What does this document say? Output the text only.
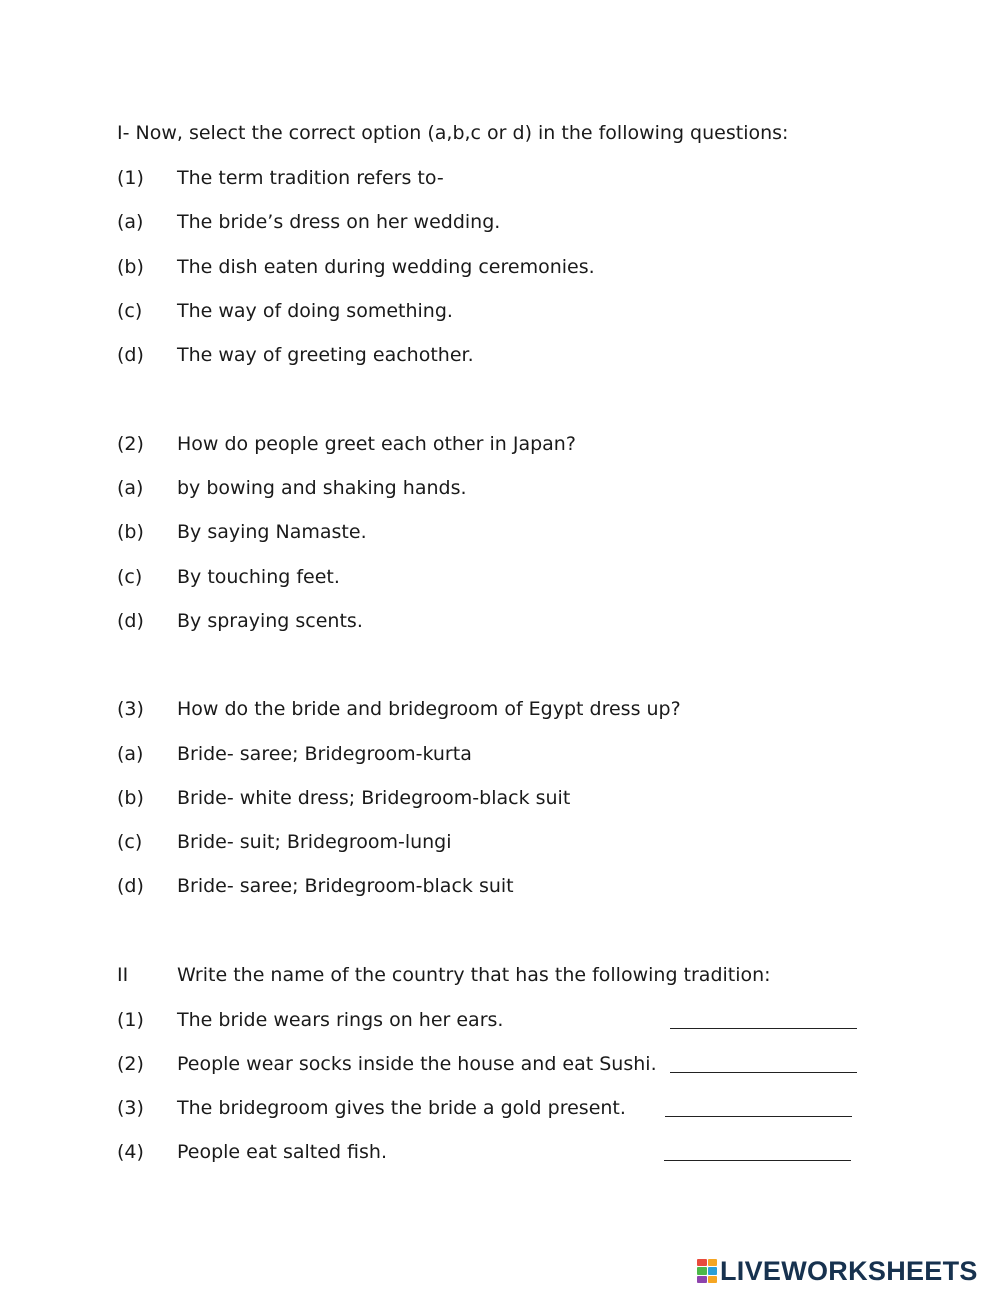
I- Now, select the correct option (a,b,c or d) in the following questions:
(1) The term tradition refers to-
(a) The bride’s dress on her wedding.
(b) The dish eaten during wedding ceremonies.
(c) The way of doing something.
(d) The way of greeting eachother.
(2) How do people greet each other in Japan?
(a) by bowing and shaking hands.
(b) By saying Namaste.
(c) By touching feet.
(d) By spraying scents.
(3) How do the bride and bridegroom of Egypt dress up?
(a) Bride- saree; Bridegroom-kurta
(b) Bride- white dress; Bridegroom-black suit
(c) Bride- suit; Bridegroom-lungi
(d) Bride- saree; Bridegroom-black suit
II	Write the name of the country that has the following tradition:
(1) The bride wears rings on her ears.
(2) People wear socks inside the house and eat Sushi.
(3) The bridegroom gives the bride a gold present.
(4) People eat salted fish.
LIVEWORKSHEETS
